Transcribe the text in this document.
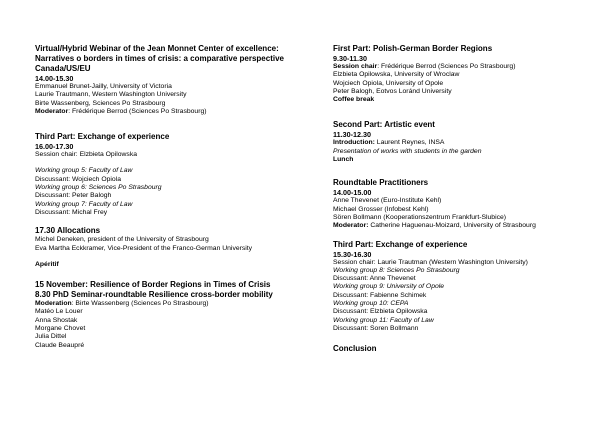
Virtual/Hybrid Webinar of the Jean Monnet Center of excellence: Narratives o borders in times of crisis: a comparative perspective Canada/US/EU
14.00-15.30
Emmanuel Brunet-Jailly, University of Victoria
Laurie Trautmann, Western Washington University
Birte Wassenberg, Sciences Po Strasbourg
Moderator: Frédérique Berrod (Sciences Po Strasbourg)
Third Part: Exchange of experience
16.00-17.30
Session chair: Elzbieta Opilowska
Working group 5: Faculty of Law
Discussant: Wojciech Opiola
Working group 6: Sciences Po Strasbourg
Discussant: Peter Balogh
Working group 7: Faculty of Law
Discussant: Michal Frey
17.30 Allocations
Michel Deneken, president of the University of Strasbourg
Eva Martha Eckkramer, Vice-President of the Franco-German University
Apéritif
15 November: Resilience of Border Regions in Times of Crisis
8.30 PhD Seminar-roundtable Resilience cross-border mobility
Moderation: Birte Wassenberg (Sciences Po Strasbourg)
Matéo Le Louer
Anna Shostak
Morgane Chovet
Julia Dittel
Claude Beaupré
First Part: Polish-German Border Regions
9.30-11.30
Session chair: Frédérique Berrod (Sciences Po Strasbourg)
Elzbieta Opilowska, University of Wroclaw
Wojciech Opiola, University of Opole
Peter Balogh, Eotvos Loránd University
Coffee break
Second Part: Artistic event
11.30-12.30
Introduction: Laurent Reynes, INSA
Presentation of works with students in the garden
Lunch
Roundtable Practitioners
14.00-15.00
Anne Thevenet (Euro-Institute Kehl)
Michael Grosser (Infobest Kehl)
Sören Bollmann (Kooperationszentrum Frankfurt-Slubice)
Moderator: Catherine Haguenau-Moizard, University of Strasbourg
Third Part: Exchange of experience
15.30-16.30
Session chair: Laurie Trautman (Western Washington University)
Working group 8: Sciences Po Strasbourg
Discussant: Anne Thevenet
Working group 9: University of Opole
Discussant: Fabienne Schimek
Working group 10: CEPA
Discussant: Elzbieta Opilowska
Working group 11: Faculty of Law
Discussant: Soren Bollmann
Conclusion
